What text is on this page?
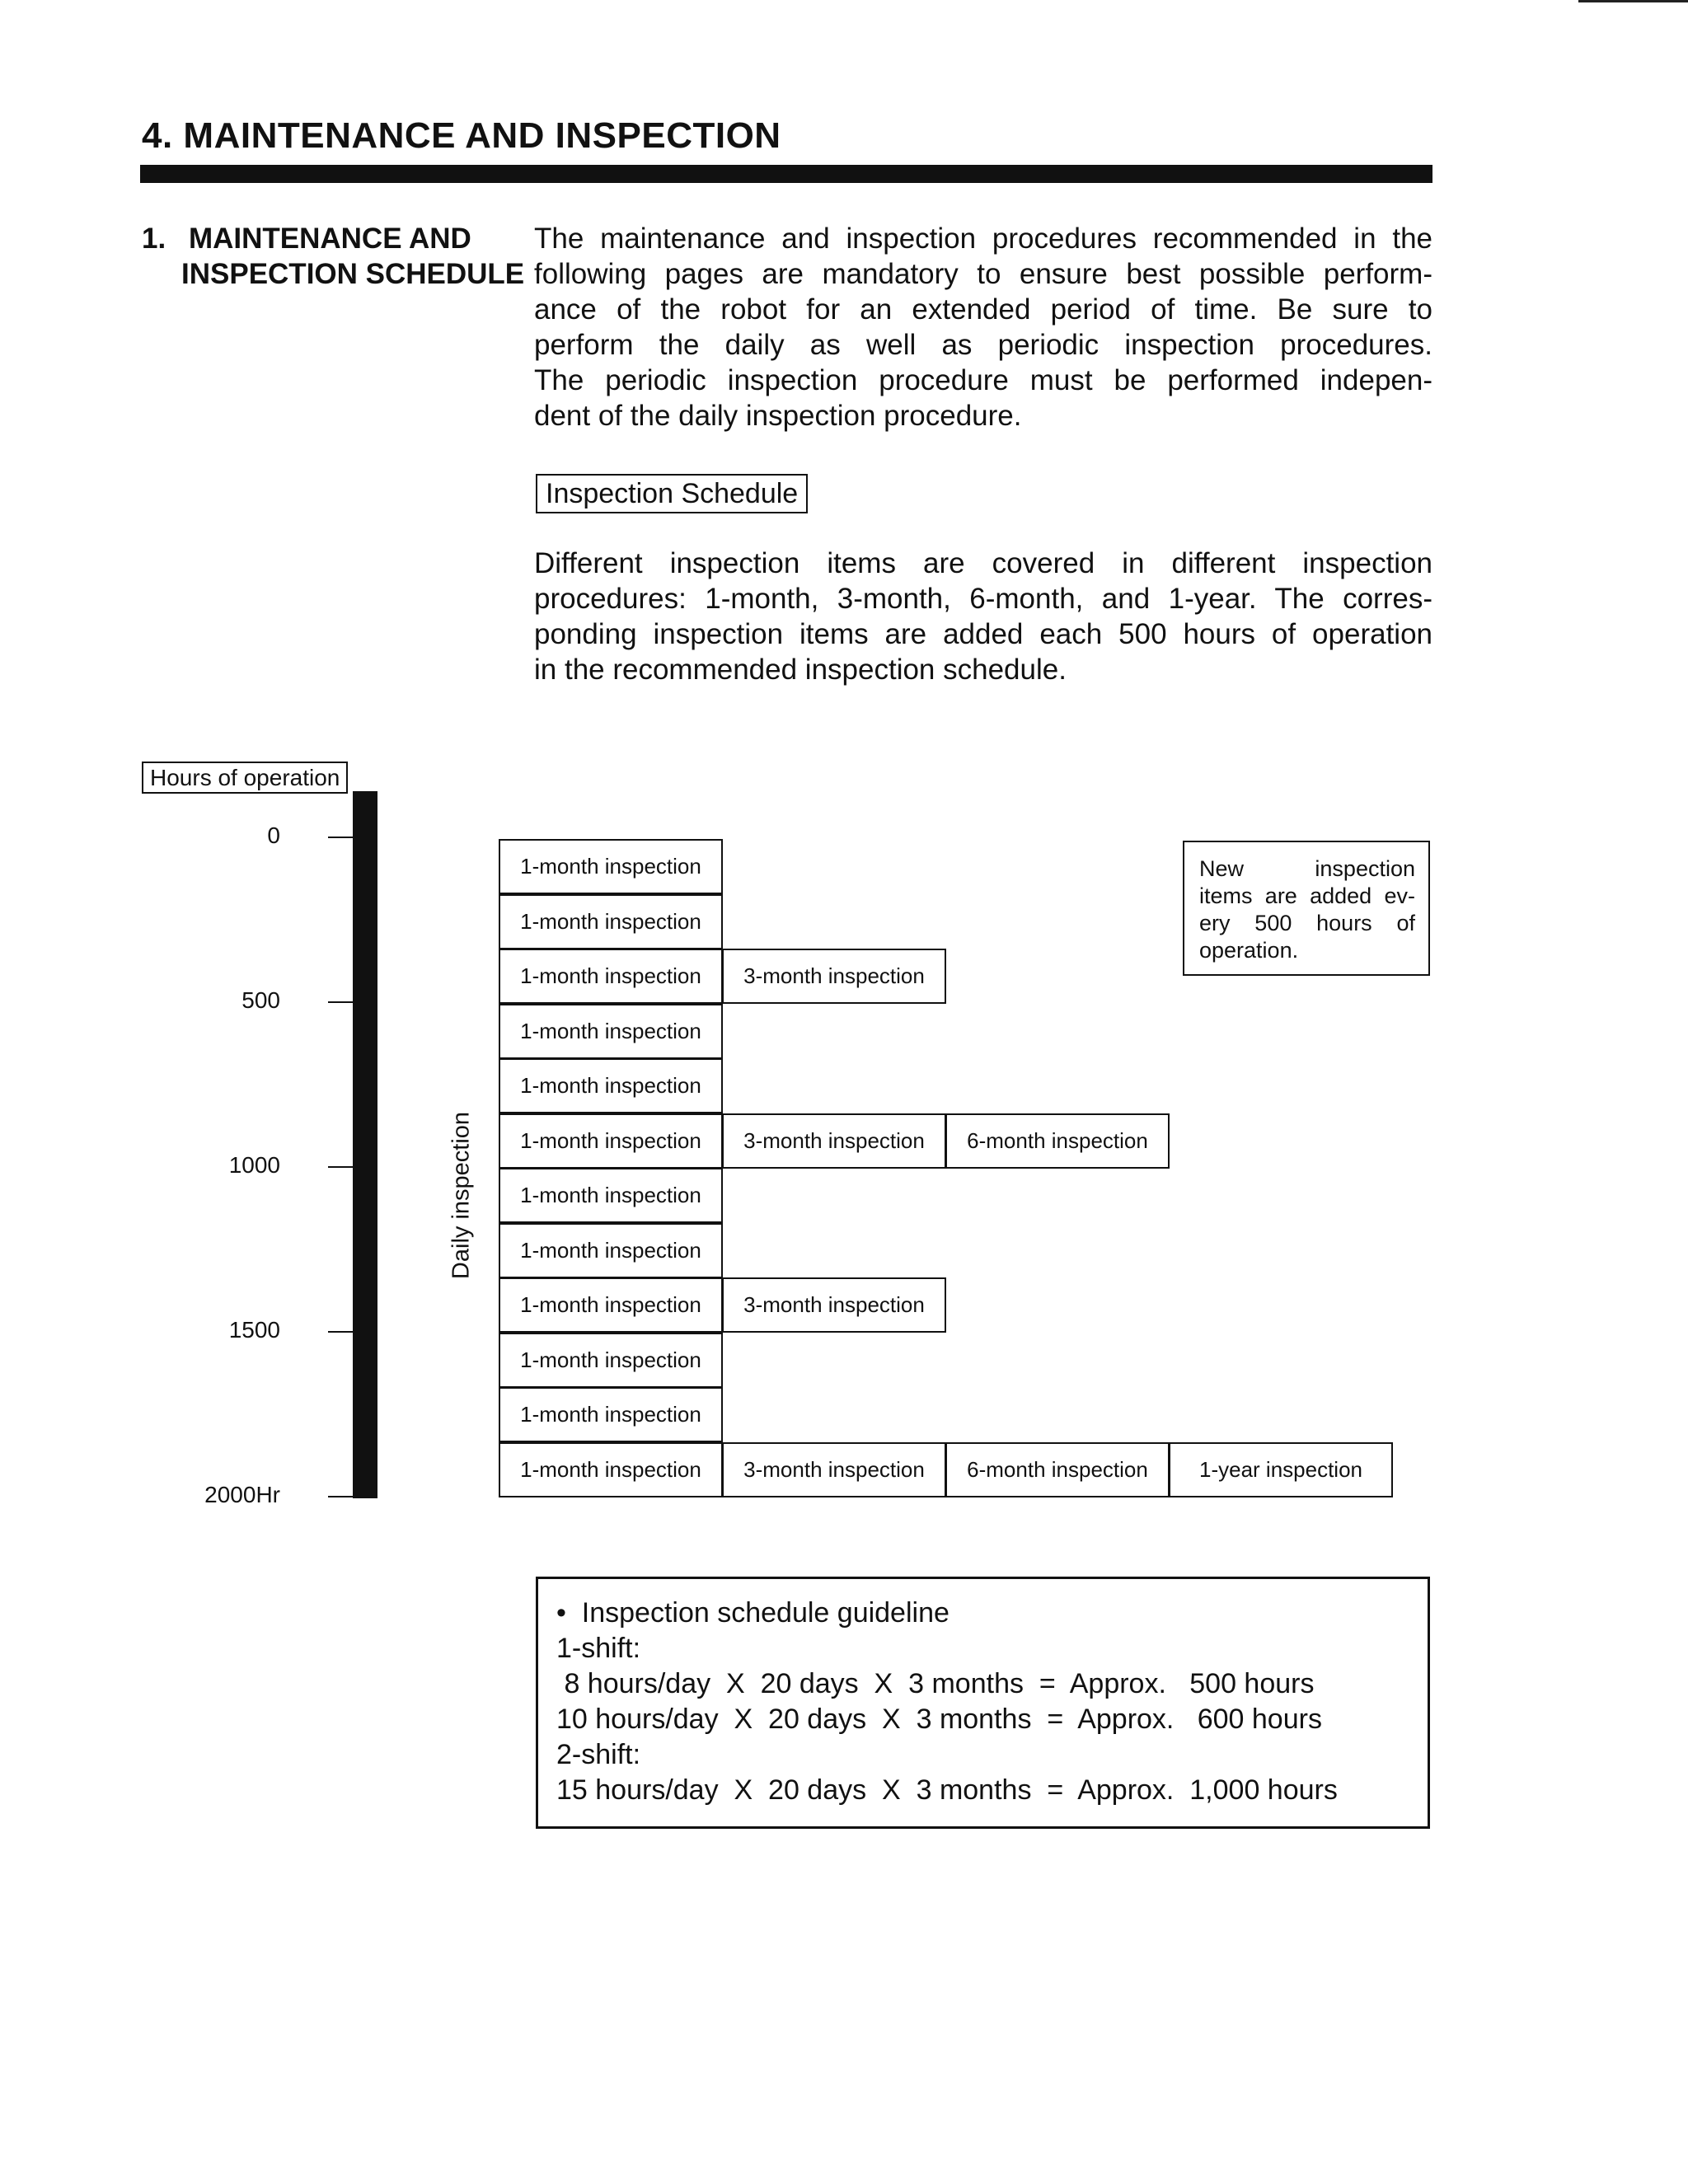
4. MAINTENANCE AND INSPECTION
1. MAINTENANCE AND
INSPECTION SCHEDULE
The maintenance and inspection procedures recommended in the
following pages are mandatory to ensure best possible perform-
ance of the robot for an extended period of time. Be sure to
perform the daily as well as periodic inspection procedures.
The periodic inspection procedure must be performed indepen-
dent of the daily inspection procedure.
Inspection Schedule
Different inspection items are covered in different inspection
procedures: 1-month, 3-month, 6-month, and 1-year. The corres-
ponding inspection items are added each 500 hours of operation
in the recommended inspection schedule.
Hours of operation
0
500
1000
1500
2000Hr
Daily inspection
1-month inspection
1-month inspection
1-month inspection	3-month inspection
1-month inspection
1-month inspection
1-month inspection	3-month inspection	6-month inspection
1-month inspection
1-month inspection
1-month inspection	3-month inspection
1-month inspection
1-month inspection
1-month inspection	3-month inspection	6-month inspection	1-year inspection
New inspection
items are added ev-
ery 500 hours of
operation.
•  Inspection schedule guideline
1-shift:
8 hours/day  X  20 days  X  3 months  =  Approx.   500 hours
10 hours/day  X  20 days  X  3 months  =  Approx.   600 hours
2-shift:
15 hours/day  X  20 days  X  3 months  =  Approx.  1,000 hours
